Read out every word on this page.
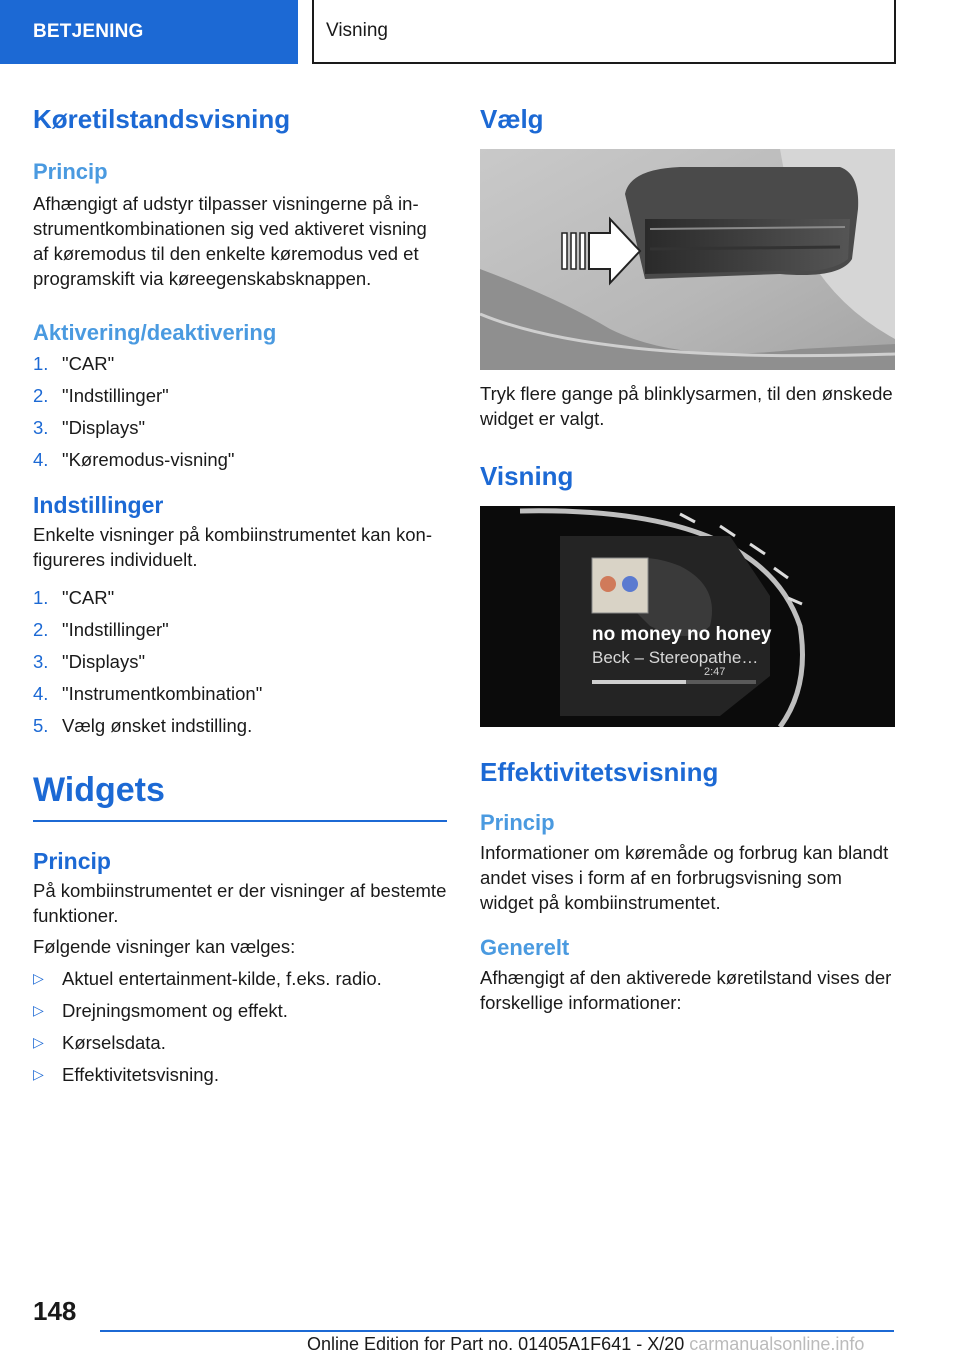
BETJENING	Visning
Køretilstandsvisning
Princip

Afhængigt af udstyr tilpasser visningerne på instrumentkombinationen sig ved aktiveret visning af køremodus til den enkelte køremodus ved et programskift via køreegenskabsknappen.

Aktivering/deaktivering
1. "CAR"
2. "Indstillinger"
3. "Displays"
4. "Køremodus-visning"
Indstillinger

Enkelte visninger på kombiinstrumentet kan konfigureres individuelt.

1. "CAR"
2. "Indstillinger"
3. "Displays"
4. "Instrumentkombination"
5. Vælg ønsket indstilling.
Widgets
Princip

På kombiinstrumentet er der visninger af bestemte funktioner.

Følgende visninger kan vælges:

▷ Aktuel entertainment-kilde, f.eks. radio.
▷ Drejningsmoment og effekt.
▷ Kørselsdata.
▷ Effektivitetsvisning.
Vælg

Tryk flere gange på blinklysarmen, til den ønskede widget er valgt.

Visning
no money no honey
Beck – Stereopathe…
2:47
Effektivitetsvisning
Princip

Informationer om køremåde og forbrug kan blandt andet vises i form af en forbrugsvisning som widget på kombiinstrumentet.

Generelt

Afhængigt af den aktiverede køretilstand vises der forskellige informationer:

148
Online Edition for Part no. 01405A1F641 - X/20 carmanualsonline.info
